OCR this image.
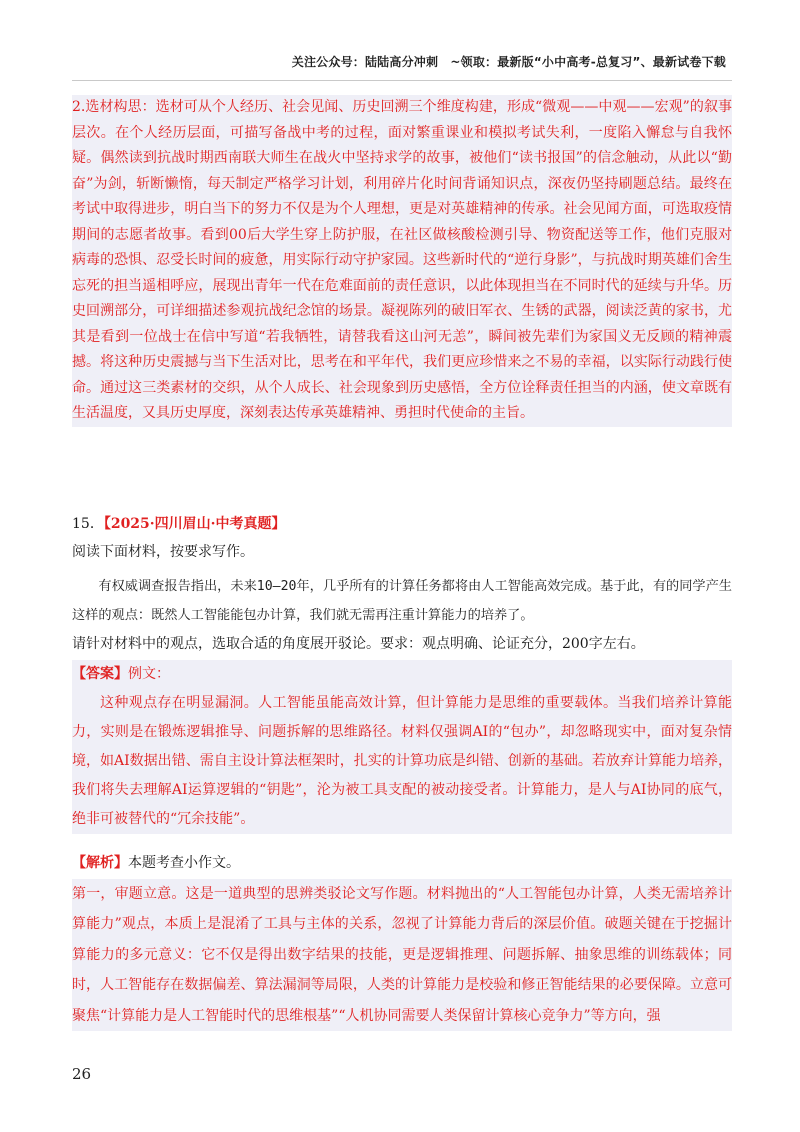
关注公众号：陆陆高分冲刺　~领取：最新版“小中高考-总复习”、最新试卷下载
2.选材构思：选材可从个人经历、社会见闻、历史回溯三个维度构建，形成“微观——中观——宏观”的叙事层次。在个人经历层面，可描写备战中考的过程，面对繁重课业和模拟考试失利，一度陷入懈怠与自我怀疑。偶然读到抗战时期西南联大师生在战火中坚持求学的故事，被他们“读书报国”的信念触动，从此以“勤奋”为剑，斩断懒惰，每天制定严格学习计划，利用碎片化时间背诵知识点，深夜仍坚持刷题总结。最终在考试中取得进步，明白当下的努力不仅是为个人理想，更是对英雄精神的传承。社会见闻方面，可选取疫情期间的志愿者故事。看到00后大学生穿上防护服，在社区做核酸检测引导、物资配送等工作，他们克服对病毒的恐惧、忍受长时间的疲惫，用实际行动守护家园。这些新时代的“逆行身影”，与抗战时期英雄们舍生忘死的担当遥相呼应，展现出青年一代在危难面前的责任意识，以此体现担当在不同时代的延续与升华。历史回溯部分，可详细描述参观抗战纪念馆的场景。凝视陈列的破旧军衣、生锈的武器，阅读泛黄的家书，尤其是看到一位战士在信中写道“若我牺牲，请替我看这山河无恙”，瞬间被先辈们为家国义无反顾的精神震撼。将这种历史震撼与当下生活对比，思考在和平年代，我们更应珍惜来之不易的幸福，以实际行动践行使命。通过这三类素材的交织，从个人成长、社会现象到历史感悟，全方位诠释责任担当的内涵，使文章既有生活温度，又具历史厚度，深刻表达传承英雄精神、勇担时代使命的主旨。
15．【2025·四川眉山·中考真题】
阅读下面材料，按要求写作。
有权威调查报告指出，未来10—20年，几乎所有的计算任务都将由人工智能高效完成。基于此，有的同学产生这样的观点：既然人工智能能包办计算，我们就无需再注重计算能力的培养了。
请针对材料中的观点，选取合适的角度展开驳论。要求：观点明确、论证充分，200字左右。
【答案】例文：
这种观点存在明显漏洞。人工智能虽能高效计算，但计算能力是思维的重要载体。当我们培养计算能力，实则是在锻炼逻辑推导、问题拆解的思维路径。材料仅强调AI的“包办”，却忽略现实中，面对复杂情境，如AI数据出错、需自主设计算法框架时，扎实的计算功底是纠错、创新的基础。若放弃计算能力培养，我们将失去理解AI运算逻辑的“钥匙”，沦为被工具支配的被动接受者。计算能力，是人与AI协同的底气，绝非可被替代的“冗余技能”。
【解析】本题考查小作文。
第一，审题立意。这是一道典型的思辨类驳论文写作题。材料抛出的“人工智能包办计算，人类无需培养计算能力”观点，本质上是混淆了工具与主体的关系，忽视了计算能力背后的深层价值。破题关键在于挖掘计算能力的多元意义：它不仅是得出数字结果的技能，更是逻辑推理、问题拆解、抽象思维的训练载体；同时，人工智能存在数据偏差、算法漏洞等局限，人类的计算能力是校验和修正智能结果的必要保障。立意可聚焦“计算能力是人工智能时代的思维根基”“人机协同需要人类保留计算核心竞争力”等方向，强
26
